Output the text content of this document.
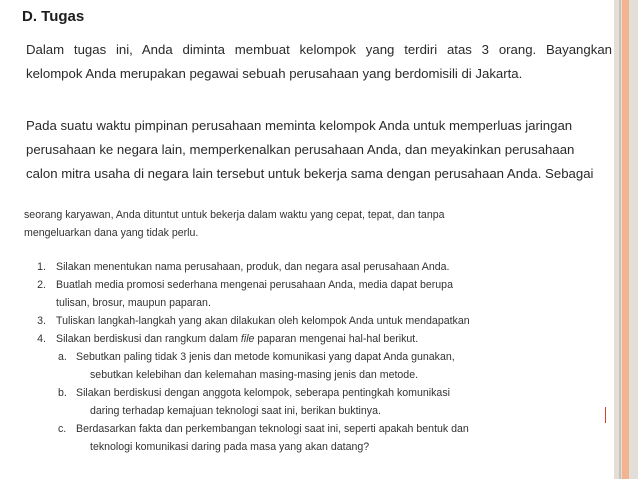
D. Tugas
Dalam tugas ini, Anda diminta membuat kelompok yang terdiri atas 3 orang. Bayangkan
kelompok Anda merupakan pegawai sebuah perusahaan yang berdomisili di Jakarta.
Pada suatu waktu pimpinan perusahaan meminta kelompok Anda untuk memperluas jaringan
perusahaan ke negara lain, memperkenalkan perusahaan Anda, dan meyakinkan perusahaan
calon mitra usaha di negara lain tersebut untuk bekerja sama dengan perusahaan Anda. Sebagai
seorang karyawan, Anda dituntut untuk bekerja dalam waktu yang cepat, tepat, dan tanpa
mengeluarkan dana yang tidak perlu.
1. Silakan menentukan nama perusahaan, produk, dan negara asal perusahaan Anda.
2. Buatlah media promosi sederhana mengenai perusahaan Anda, media dapat berupa
tulisan, brosur, maupun paparan.
3. Tuliskan langkah-langkah yang akan dilakukan oleh kelompok Anda untuk mendapatkan
4. Silakan berdiskusi dan rangkum dalam file paparan mengenai hal-hal berikut.
a. Sebutkan paling tidak 3 jenis dan metode komunikasi yang dapat Anda gunakan,
sebutkan kelebihan dan kelemahan masing-masing jenis dan metode.
b. Silakan berdiskusi dengan anggota kelompok, seberapa pentingkah komunikasi
daring terhadap kemajuan teknologi saat ini, berikan buktinya.
c. Berdasarkan fakta dan perkembangan teknologi saat ini, seperti apakah bentuk dan
teknologi komunikasi daring pada masa yang akan datang?
